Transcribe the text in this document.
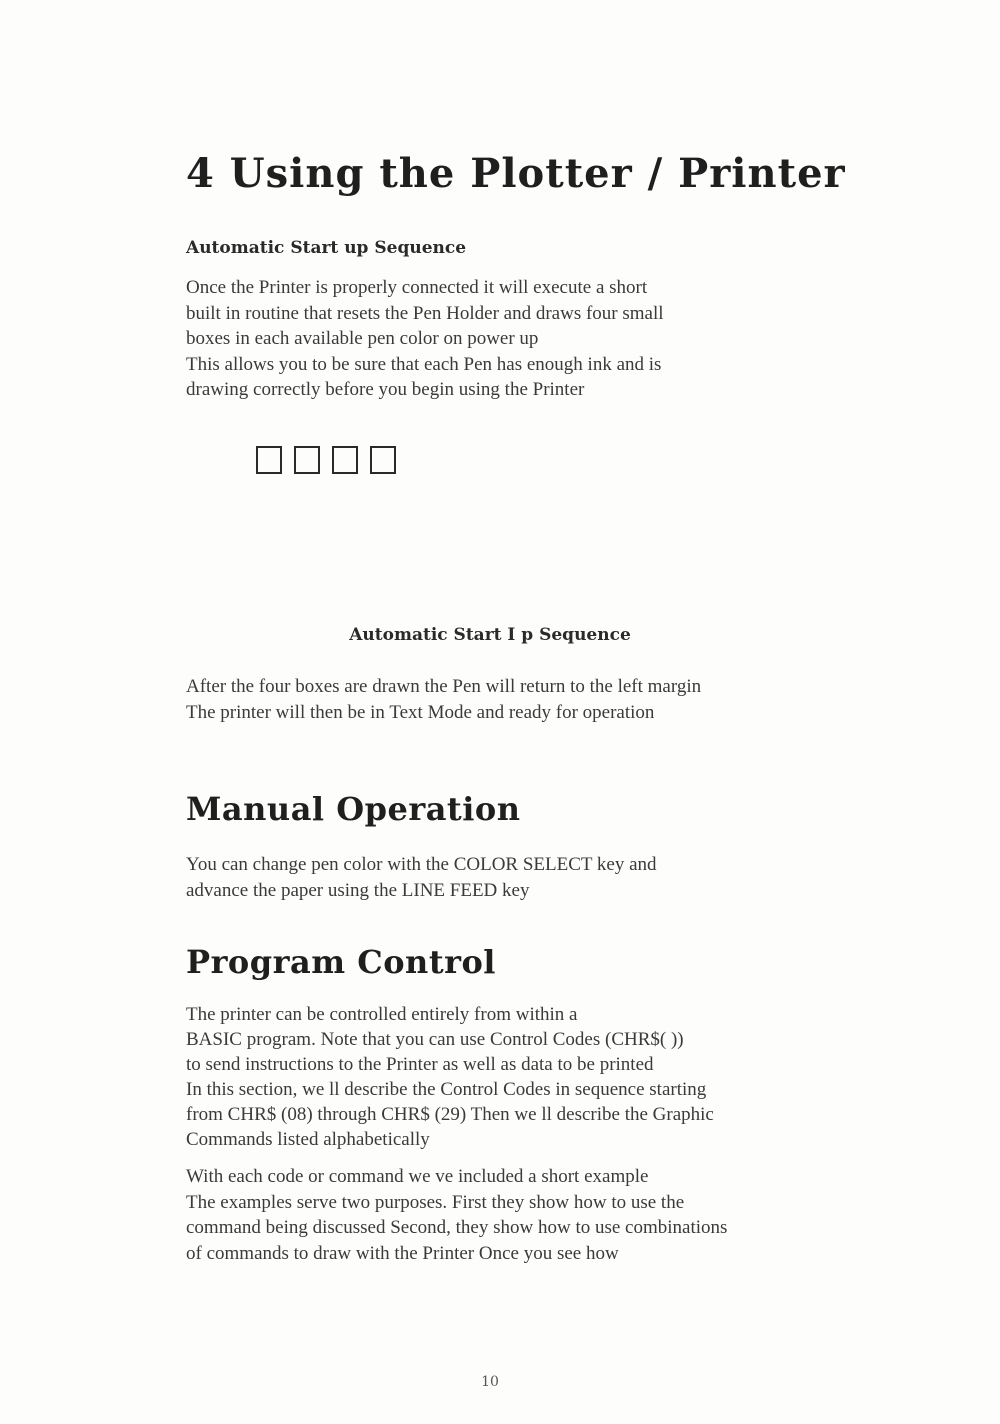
4 Using the Plotter / Printer
Automatic Start up Sequence

Once the Printer is properly connected it will execute a short
built in routine that resets the Pen Holder and draws four small
boxes in each available pen color on power up
This allows you to be sure that each Pen has enough ink and is
drawing correctly before you begin using the Printer

Automatic Start I p Sequence

After the four boxes are drawn the Pen will return to the left margin
The printer will then be in Text Mode and ready for operation

Manual Operation

You can change pen color with the COLOR SELECT key and
advance the paper using the LINE FEED key

Program Control

The printer can be controlled entirely from within a
BASIC program. Note that you can use Control Codes (CHR$( ))
to send instructions to the Printer as well as data to be printed
In this section, we ll describe the Control Codes in sequence starting
from CHR$ (08) through CHR$ (29) Then we ll describe the Graphic
Commands listed alphabetically

With each code or command we ve included a short example
The examples serve two purposes. First they show how to use the
command being discussed Second, they show how to use combinations
of commands to draw with the Printer Once you see how

10
